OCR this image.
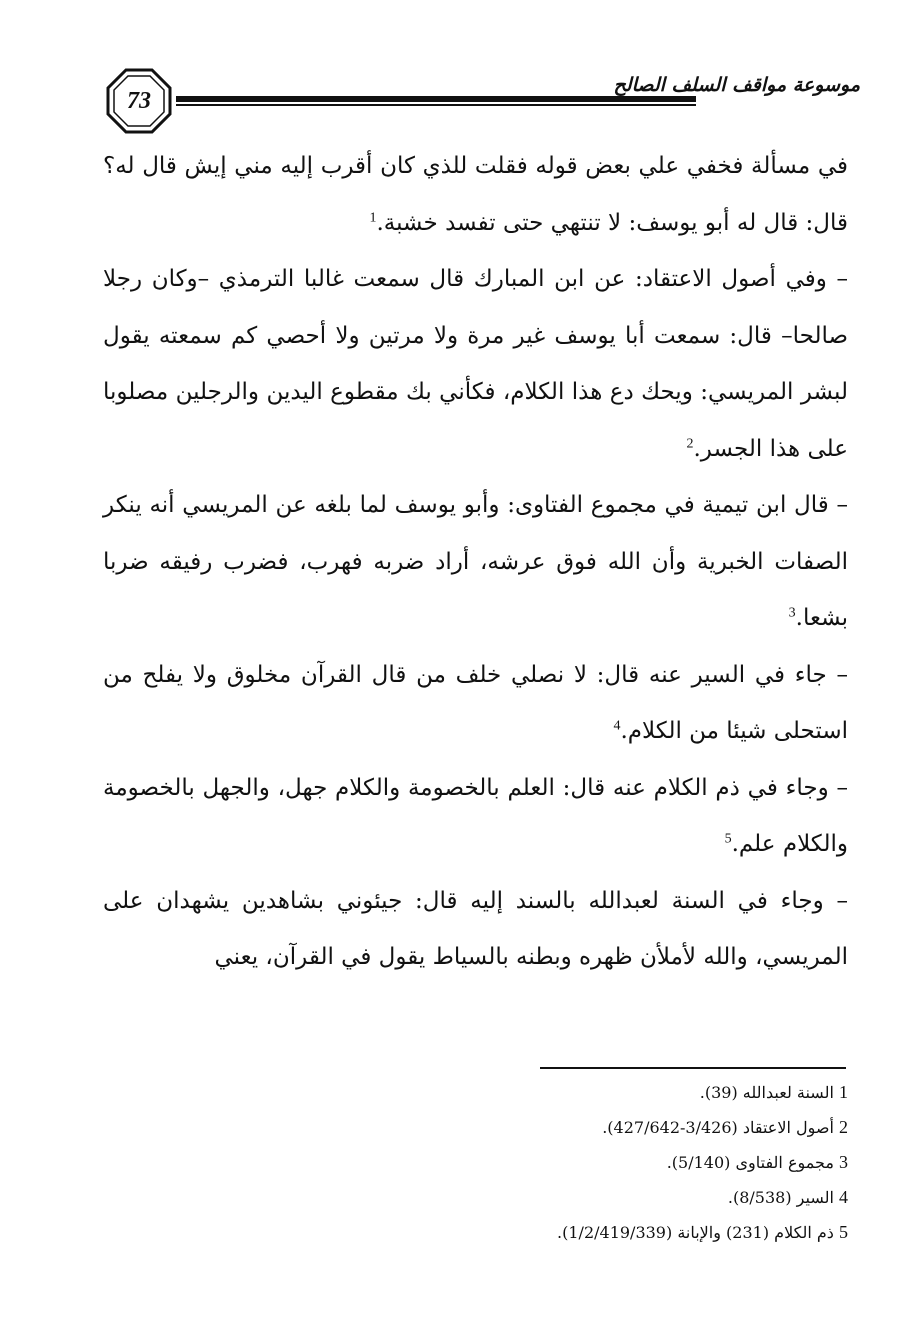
73
موسوعة مواقف السلف الصالح

في مسألة فخفي علي بعض قوله فقلت للذي كان أقرب إليه مني إيش قال له؟ قال: قال له أبو يوسف: لا تنتهي حتى تفسد خشبة.$^1$

– وفي أصول الاعتقاد: عن ابن المبارك قال سمعت غالبا الترمذي –وكان رجلا صالحا– قال: سمعت أبا يوسف غير مرة ولا مرتين ولا أحصي كم سمعته يقول لبشر المريسي: ويحك دع هذا الكلام، فكأني بك مقطوع اليدين والرجلين مصلوبا على هذا الجسر.$^2$

– قال ابن تيمية في مجموع الفتاوى: وأبو يوسف لما بلغه عن المريسي أنه ينكر الصفات الخبرية وأن الله فوق عرشه، أراد ضربه فهرب، فضرب رفيقه ضربا بشعا.$^3$

– جاء في السير عنه قال: لا نصلي خلف من قال القرآن مخلوق ولا يفلح من استحلى شيئا من الكلام.$^4$

– وجاء في ذم الكلام عنه قال: العلم بالخصومة والكلام جهل، والجهل بالخصومة والكلام علم.$^5$

– وجاء في السنة لعبدالله بالسند إليه قال: جيئوني بشاهدين يشهدان على المريسي، والله لأملأن ظهره وبطنه بالسياط يقول في القرآن، يعني

1 السنة لعبدالله (39).

2 أصول الاعتقاد (3/426-427/642).

3 مجموع الفتاوى (5/140).

4 السير (8/538).

5 ذم الكلام (231) والإبانة (1/2/419/339).
